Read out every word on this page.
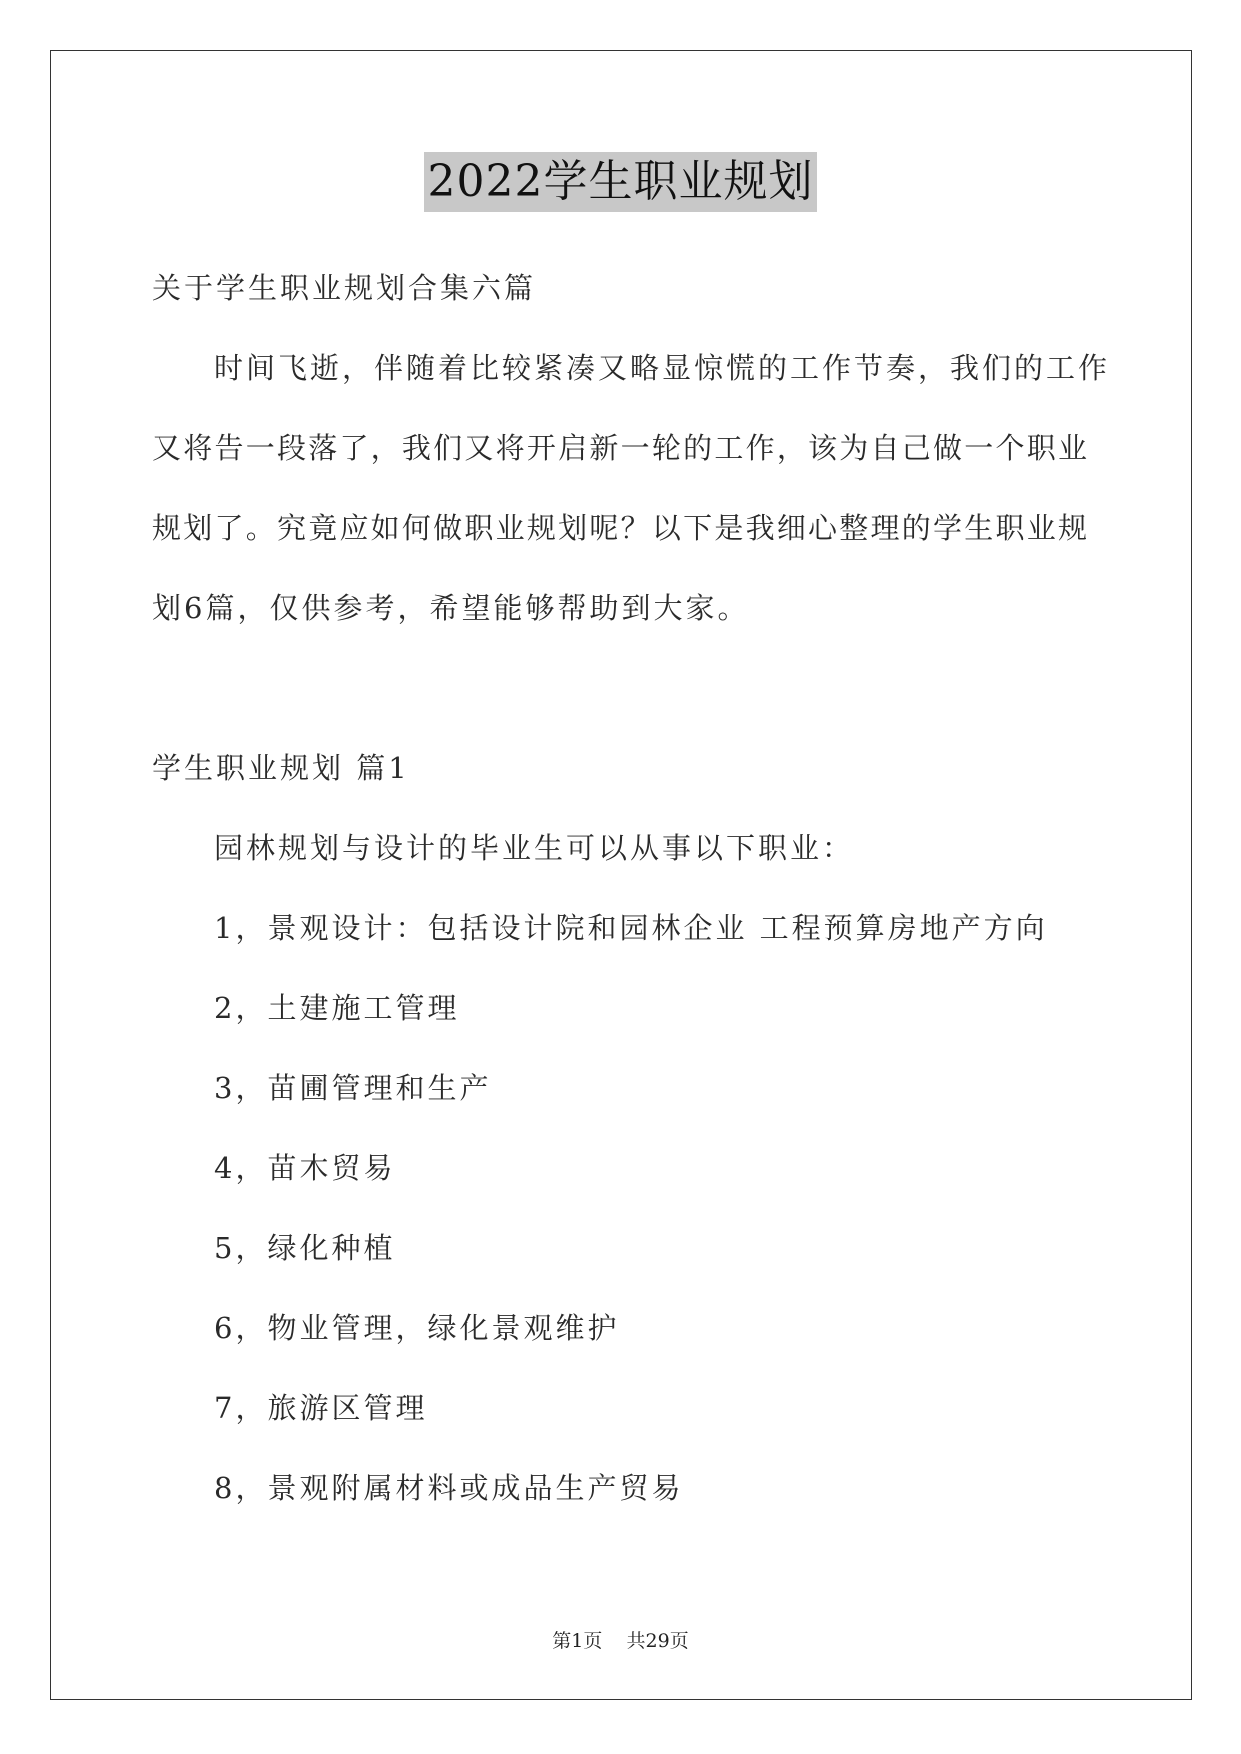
2022学生职业规划
关于学生职业规划合集六篇
时间飞逝，伴随着比较紧凑又略显惊慌的工作节奏，我们的工作
又将告一段落了，我们又将开启新一轮的工作，该为自己做一个职业
规划了。究竟应如何做职业规划呢？以下是我细心整理的学生职业规
划6篇，仅供参考，希望能够帮助到大家。
学生职业规划 篇1
园林规划与设计的毕业生可以从事以下职业：
1，景观设计：包括设计院和园林企业 工程预算房地产方向
2，土建施工管理
3，苗圃管理和生产
4，苗木贸易
5，绿化种植
6，物业管理，绿化景观维护
7，旅游区管理
8，景观附属材料或成品生产贸易
第1页    共29页
